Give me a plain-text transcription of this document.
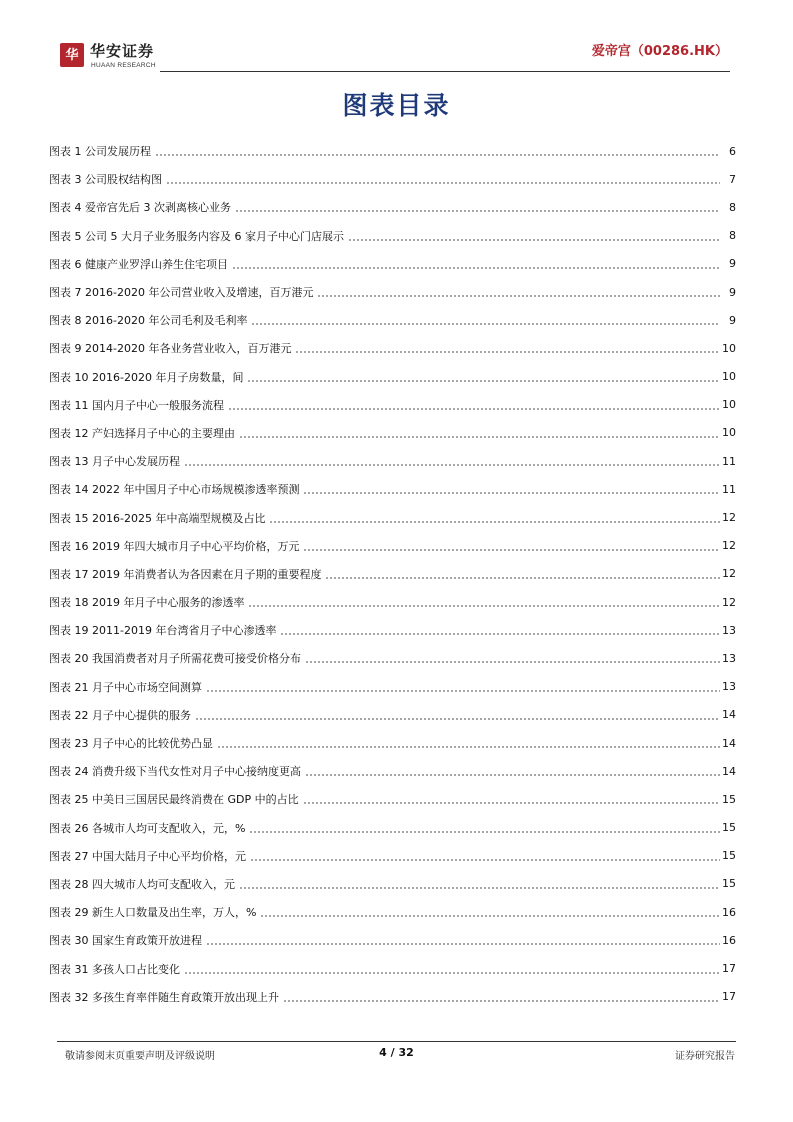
华 华安证券
HUAAN RESEARCH
爱帝宫（00286.HK）
图表目录
图表 1 公司发展历程	6
图表 3 公司股权结构图	7
图表 4 爱帝宫先后 3 次剥离核心业务	8
图表 5 公司 5 大月子业务服务内容及 6 家月子中心门店展示	8
图表 6 健康产业罗浮山养生住宅项目	9
图表 7 2016-2020 年公司营业收入及增速，百万港元	9
图表 8 2016-2020 年公司毛利及毛利率	9
图表 9 2014-2020 年各业务营业收入，百万港元	10
图表 10 2016-2020 年月子房数量，间	10
图表 11 国内月子中心一般服务流程	10
图表 12 产妇选择月子中心的主要理由	10
图表 13 月子中心发展历程	11
图表 14 2022 年中国月子中心市场规模渗透率预测	11
图表 15 2016-2025 年中高端型规模及占比	12
图表 16 2019 年四大城市月子中心平均价格，万元	12
图表 17 2019 年消费者认为各因素在月子期的重要程度	12
图表 18 2019 年月子中心服务的渗透率	12
图表 19 2011-2019 年台湾省月子中心渗透率	13
图表 20 我国消费者对月子所需花费可接受价格分布	13
图表 21 月子中心市场空间测算	13
图表 22 月子中心提供的服务	14
图表 23 月子中心的比较优势凸显	14
图表 24 消费升级下当代女性对月子中心接纳度更高	14
图表 25 中美日三国居民最终消费在 GDP 中的占比	15
图表 26 各城市人均可支配收入，元，%	15
图表 27 中国大陆月子中心平均价格，元	15
图表 28 四大城市人均可支配收入，元	15
图表 29 新生人口数量及出生率，万人，%	16
图表 30 国家生育政策开放进程	16
图表 31 多孩人口占比变化	17
图表 32 多孩生育率伴随生育政策开放出现上升	17
敬请参阅末页重要声明及评级说明	4 / 32	证券研究报告
